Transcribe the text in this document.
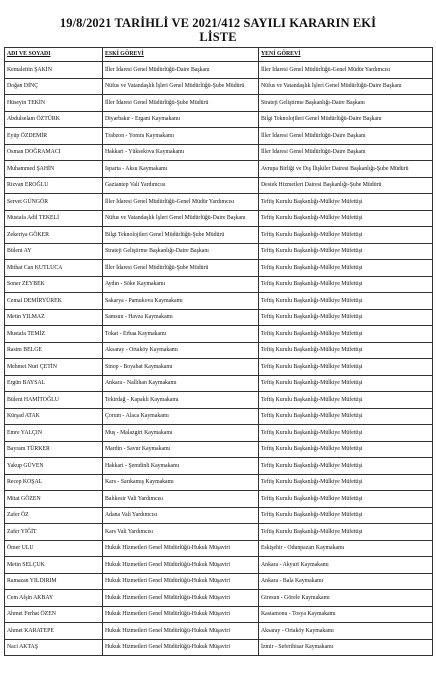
19/8/2021 TARİHLİ VE 2021/412 SAYILI KARARIN EKİ
LİSTE
ADI VE SOYADI	ESKİ GÖREVİ	YENİ GÖREVİ
Kemalettin ŞAKİN	İller İdaresi Genel Müdürlüğü-Daire Başkanı	İller İdaresi Genel Müdürlüğü-Genel Müdür Yardımcısı
Doğan DİNÇ	Nüfus ve Vatandaşlık İşleri Genel Müdürlüğü-Şube Müdürü	Nüfus ve Vatandaşlık İşleri Genel Müdürlüğü-Daire Başkanı
Hüseyin TEKİN	İller İdaresi Genel Müdürlüğü-Şube Müdürü	Strateji Geliştirme Başkanlığı-Daire Başkanı
Abdulselam ÖZTÜRK	Diyarbakır - Ergani Kaymakamı	Bilgi Teknolojileri Genel Müdürlüğü-Daire Başkanı
Eyüp ÖZDEMİR	Trabzon - Yomra Kaymakamı	İller İdaresi Genel Müdürlüğü-Daire Başkanı
Osman DOĞRAMACI	Hakkari - Yüksekova Kaymakamı	İller İdaresi Genel Müdürlüğü-Daire Başkanı
Muhammed ŞAHİN	Isparta - Aksu Kaymakamı	Avrupa Birliği ve Dış İlişkiler Dairesi Başkanlığı-Şube Müdürü
Rizvan EROĞLU	Gaziantep Vali Yardımcısı	Destek Hizmetleri Dairesi Başkanlığı-Şube Müdürü
Servet GÜNGÖR	İller İdaresi Genel Müdürlüğü-Genel Müdür Yardımcısı	Teftiş Kurulu Başkanlığı-Mülkiye Müfettişi
Mustafa Adil TEKELİ	Nüfus ve Vatandaşlık İşleri Genel Müdürlüğü-Daire Başkanı	Teftiş Kurulu Başkanlığı-Mülkiye Müfettişi
Zekeriya GÖKER	Bilgi Teknolojileri Genel Müdürlüğü-Şube Müdürü	Teftiş Kurulu Başkanlığı-Mülkiye Müfettişi
Bülent AY	Strateji Geliştirme Başkanlığı-Daire Başkanı	Teftiş Kurulu Başkanlığı-Mülkiye Müfettişi
Mithat Can KUTLUCA	İller İdaresi Genel Müdürlüğü-Şube Müdürü	Teftiş Kurulu Başkanlığı-Mülkiye Müfettişi
Soner ZEYBEK	Aydın - Söke Kaymakamı	Teftiş Kurulu Başkanlığı-Mülkiye Müfettişi
Cemal DEMİRYÜREK	Sakarya - Pamukova Kaymakamı	Teftiş Kurulu Başkanlığı-Mülkiye Müfettişi
Metin YILMAZ	Samsun - Havza Kaymakamı	Teftiş Kurulu Başkanlığı-Mülkiye Müfettişi
Mustafa TEMİZ	Tokat - Erbaa Kaymakamı	Teftiş Kurulu Başkanlığı-Mülkiye Müfettişi
Rasim BELGE	Aksaray - Ortaköy Kaymakamı	Teftiş Kurulu Başkanlığı-Mülkiye Müfettişi
Mehmet Nuri ÇETİN	Sinop - Boyabat Kaymakamı	Teftiş Kurulu Başkanlığı-Mülkiye Müfettişi
Ergün BAYSAL	Ankara - Nallıhan Kaymakamı	Teftiş Kurulu Başkanlığı-Mülkiye Müfettişi
Bülent HAMİTOĞLU	Tekirdağ - Kapaklı Kaymakamı	Teftiş Kurulu Başkanlığı-Mülkiye Müfettişi
Kürşad ATAK	Çorum - Alaca Kaymakamı	Teftiş Kurulu Başkanlığı-Mülkiye Müfettişi
Emre YALÇIN	Muş - Malazgirt Kaymakamı	Teftiş Kurulu Başkanlığı-Mülkiye Müfettişi
Bayram TÜRKER	Mardin - Savur Kaymakamı	Teftiş Kurulu Başkanlığı-Mülkiye Müfettişi
Yakup GÜVEN	Hakkari - Şemdinli Kaymakamı	Teftiş Kurulu Başkanlığı-Mülkiye Müfettişi
Recep KOŞAL	Kars - Sarıkamış Kaymakamı	Teftiş Kurulu Başkanlığı-Mülkiye Müfettişi
Mitat GÖZEN	Balıkesir Vali Yardımcısı	Teftiş Kurulu Başkanlığı-Mülkiye Müfettişi
Zafer ÖZ	Adana Vali Yardımcısı	Teftiş Kurulu Başkanlığı-Mülkiye Müfettişi
Zafer YİĞİT	Kars Vali Yardımcısı	Teftiş Kurulu Başkanlığı-Mülkiye Müfettişi
Ömer ULU	Hukuk Hizmetleri Genel Müdürlüğü-Hukuk Müşaviri	Eskişehir - Odunpazarı Kaymakamı
Metin SELÇUK	Hukuk Hizmetleri Genel Müdürlüğü-Hukuk Müşaviri	Ankara - Akyurt Kaymakamı
Ramazan YILDIRIM	Hukuk Hizmetleri Genel Müdürlüğü-Hukuk Müşaviri	Ankara - Bala Kaymakamı
Cem Afşin AKBAY	Hukuk Hizmetleri Genel Müdürlüğü-Hukuk Müşaviri	Giresun - Görele Kaymakamı
Ahmet Ferhat ÖZEN	Hukuk Hizmetleri Genel Müdürlüğü-Hukuk Müşaviri	Kastamonu - Tosya Kaymakamı
Ahmet KARATEPE	Hukuk Hizmetleri Genel Müdürlüğü-Hukuk Müşaviri	Aksaray - Ortaköy Kaymakamı
Naci AKTAŞ	Hukuk Hizmetleri Genel Müdürlüğü-Hukuk Müşaviri	İzmir - Seferihisar Kaymakamı
